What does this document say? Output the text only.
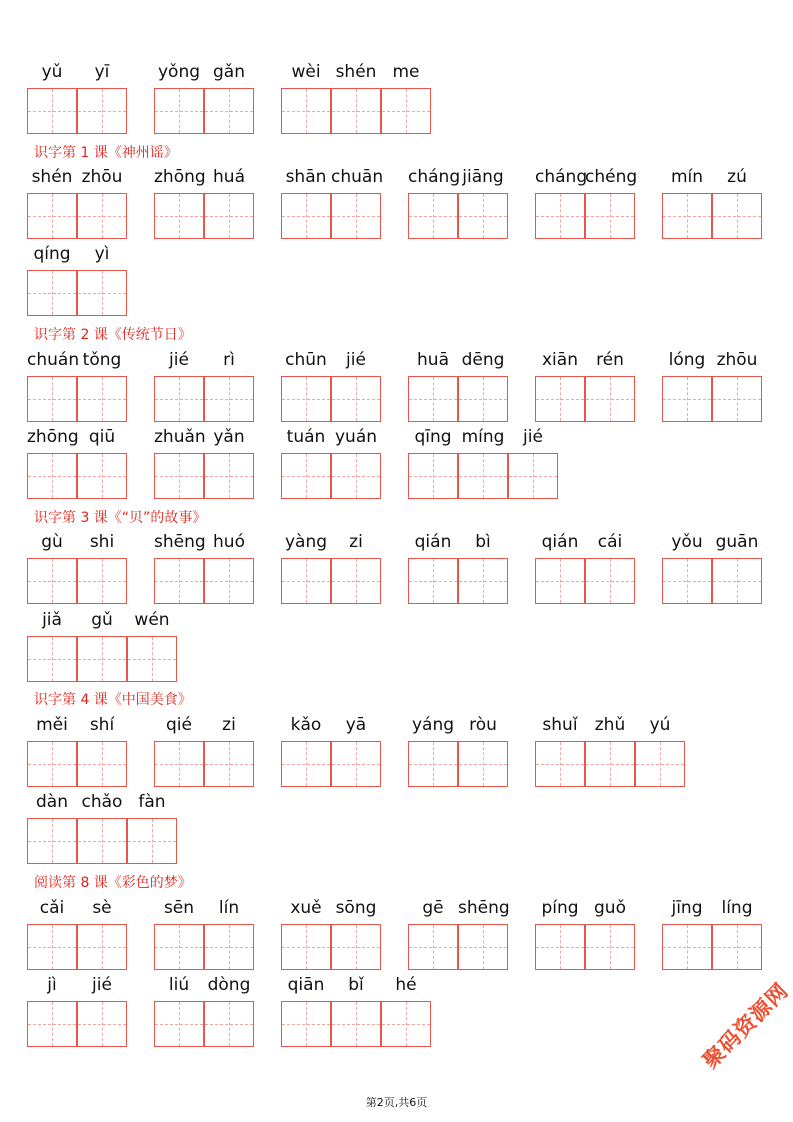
识字第 1 课《神州谣》
识字第 2 课《传统节日》
识字第 3 课《“贝”的故事》
识字第 4 课《中国美食》
阅读第 8 课《彩色的梦》
yǔ	yī	yǒng gǎn	wèi shén me
shén zhōu zhōng huá	shān chuān cháng jiāng cháng
chéng	mín	zú
qíng	yì
chuán tǒng	jié	rì	chūn	jié	huā dēng	xiān	rén	lóng zhōu
zhōng qiū	zhuǎn yǎn	tuán yuán	qīng míng	jié
gù	shi	shēng huó	yàng	zi	qián	bì	qián	cái	yǒu guān
jiǎ	gǔ	wén
měi	shí	qié	zi	kǎo	yā	yáng ròu	shuǐ	zhǔ	yú
dàn chǎo fàn
cǎi	sè	sēn	lín	xuě sōng	gē shēng	píng guǒ	jīng	líng
jì	jié	liú	dòng	qiān	bǐ	hé
第2页,共6页
聚码资源网
